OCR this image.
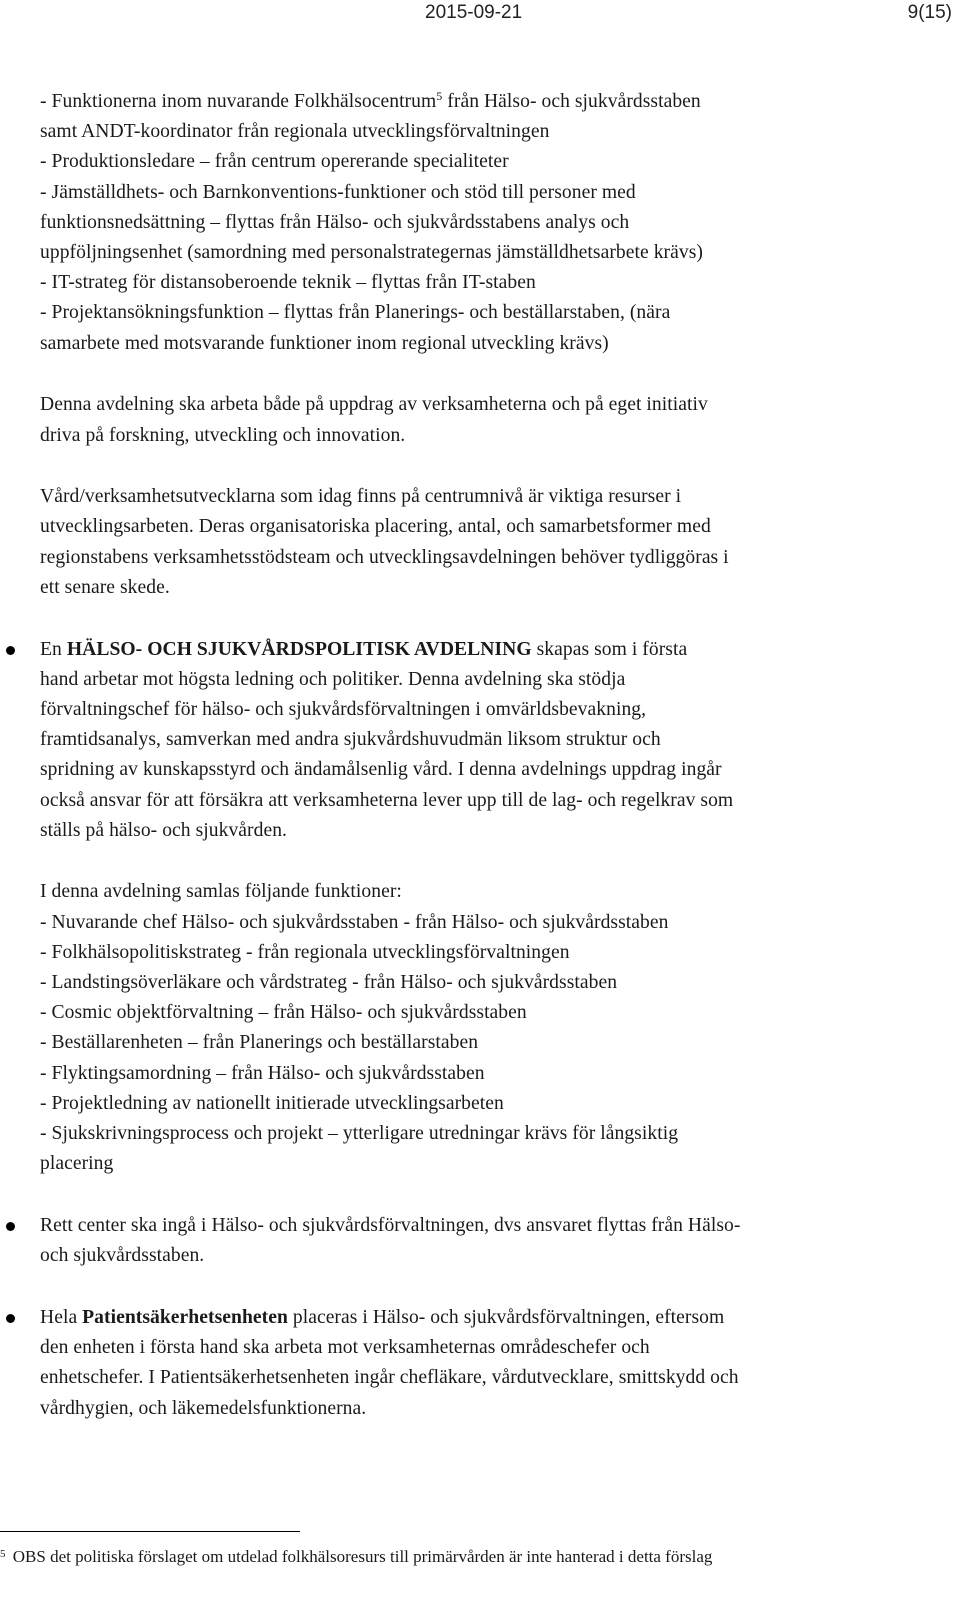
2015-09-21	9(15)
- Funktionerna inom nuvarande Folkhälsocentrum$^5$ från Hälso- och sjukvårdsstaben
samt ANDT-koordinator från regionala utvecklingsförvaltningen
- Produktionsledare – från centrum opererande specialiteter
- Jämställdhets- och Barnkonventions-funktioner och stöd till personer med
funktionsnedsättning – flyttas från Hälso- och sjukvårdsstabens analys och
uppföljningsenhet (samordning med personalstrategernas jämställdhetsarbete krävs)
- IT-strateg för distansoberoende teknik – flyttas från IT-staben
- Projektansökningsfunktion – flyttas från Planerings- och beställarstaben, (nära
samarbete med motsvarande funktioner inom regional utveckling krävs)
Denna avdelning ska arbeta både på uppdrag av verksamheterna och på eget initiativ
driva på forskning, utveckling och innovation.
Vård/verksamhetsutvecklarna som idag finns på centrumnivå är viktiga resurser i
utvecklingsarbeten. Deras organisatoriska placering, antal, och samarbetsformer med
regionstabens verksamhetsstödsteam och utvecklingsavdelningen behöver tydliggöras i
ett senare skede.
En HÄLSO- OCH SJUKVÅRDSPOLITISK AVDELNING skapas som i första
hand arbetar mot högsta ledning och politiker. Denna avdelning ska stödja
förvaltningschef för hälso- och sjukvårdsförvaltningen i omvärldsbevakning,
framtidsanalys, samverkan med andra sjukvårdshuvudmän liksom struktur och
spridning av kunskapsstyrd och ändamålsenlig vård. I denna avdelnings uppdrag ingår
också ansvar för att försäkra att verksamheterna lever upp till de lag- och regelkrav som
ställs på hälso- och sjukvården.
I denna avdelning samlas följande funktioner:
- Nuvarande chef Hälso- och sjukvårdsstaben - från Hälso- och sjukvårdsstaben
- Folkhälsopolitiskstrateg - från regionala utvecklingsförvaltningen
- Landstingsöverläkare och vårdstrateg - från Hälso- och sjukvårdsstaben
- Cosmic objektförvaltning – från Hälso- och sjukvårdsstaben
- Beställarenheten – från Planerings och beställarstaben
- Flyktingsamordning – från Hälso- och sjukvårdsstaben
- Projektledning av nationellt initierade utvecklingsarbeten
- Sjukskrivningsprocess och projekt – ytterligare utredningar krävs för långsiktig
placering
Rett center ska ingå i Hälso- och sjukvårdsförvaltningen, dvs ansvaret flyttas från Hälso-
och sjukvårdsstaben.
Hela Patientsäkerhetsenheten placeras i Hälso- och sjukvårdsförvaltningen, eftersom
den enheten i första hand ska arbeta mot verksamheternas områdeschefer och
enhetschefer. I Patientsäkerhetsenheten ingår chefläkare, vårdutvecklare, smittskydd och
vårdhygien, och läkemedelsfunktionerna.
$^5$ OBS det politiska förslaget om utdelad folkhälsoresurs till primärvården är inte hanterad i detta förslag
